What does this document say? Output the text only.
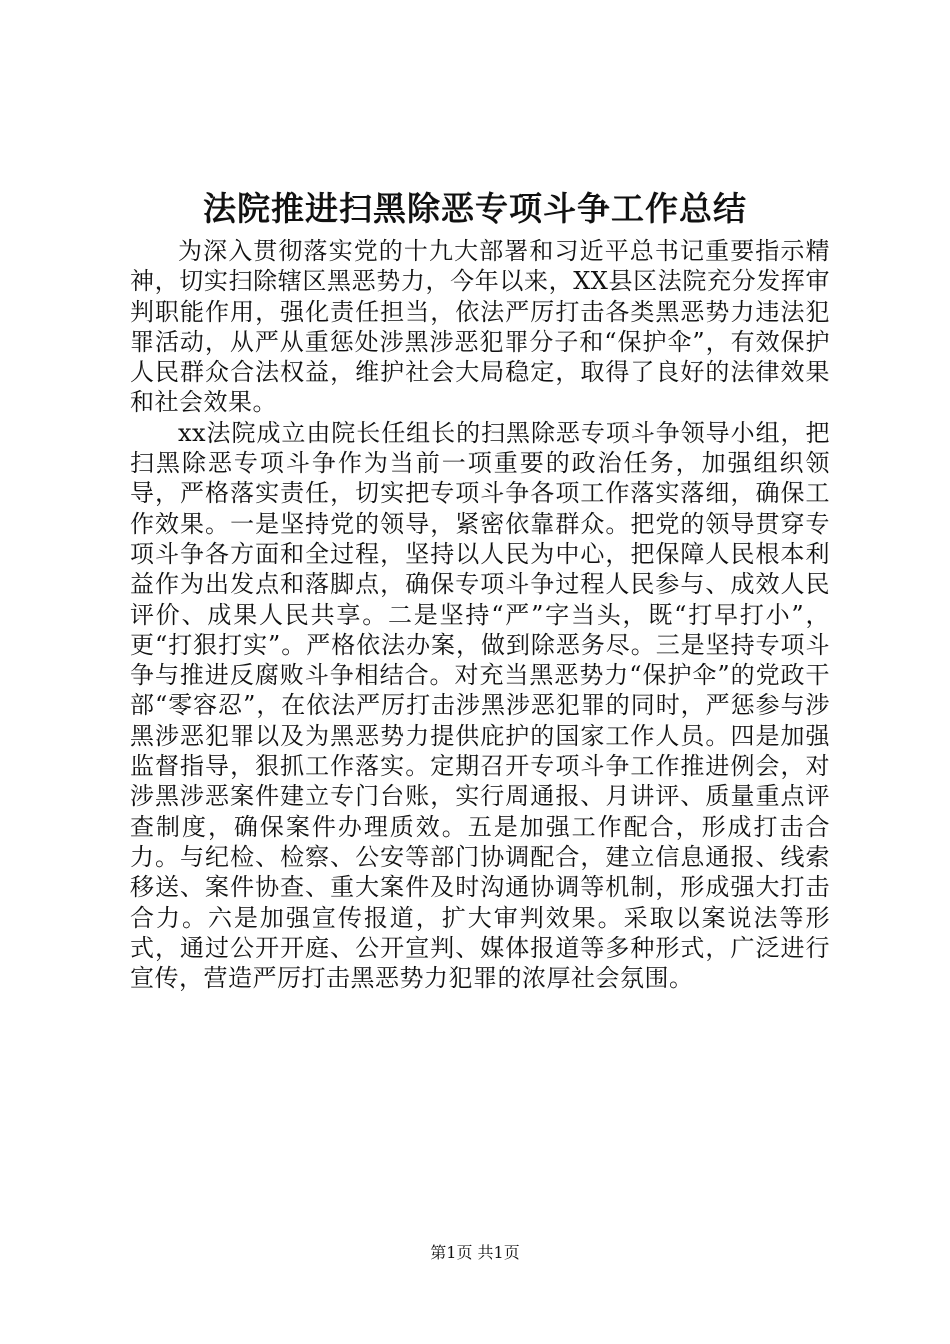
法院推进扫黑除恶专项斗争工作总结

为深入贯彻落实党的十九大部署和习近平总书记重要指示精神，切实扫除辖区黑恶势力，今年以来，XX县区法院充分发挥审判职能作用，强化责任担当，依法严厉打击各类黑恶势力违法犯罪活动，从严从重惩处涉黑涉恶犯罪分子和“保护伞”，有效保护人民群众合法权益，维护社会大局稳定，取得了良好的法律效果和社会效果。

xx法院成立由院长任组长的扫黑除恶专项斗争领导小组，把扫黑除恶专项斗争作为当前一项重要的政治任务，加强组织领导，严格落实责任，切实把专项斗争各项工作落实落细，确保工作效果。一是坚持党的领导，紧密依靠群众。把党的领导贯穿专项斗争各方面和全过程，坚持以人民为中心，把保障人民根本利益作为出发点和落脚点，确保专项斗争过程人民参与、成效人民评价、成果人民共享。二是坚持“严”字当头，既“打早打小”，更“打狠打实”。严格依法办案，做到除恶务尽。三是坚持专项斗争与推进反腐败斗争相结合。对充当黑恶势力“保护伞”的党政干部“零容忍”，在依法严厉打击涉黑涉恶犯罪的同时，严惩参与涉黑涉恶犯罪以及为黑恶势力提供庇护的国家工作人员。四是加强监督指导，狠抓工作落实。定期召开专项斗争工作推进例会，对涉黑涉恶案件建立专门台账，实行周通报、月讲评、质量重点评查制度，确保案件办理质效。五是加强工作配合，形成打击合力。与纪检、检察、公安等部门协调配合，建立信息通报、线索移送、案件协查、重大案件及时沟通协调等机制，形成强大打击合力。六是加强宣传报道，扩大审判效果。采取以案说法等形式，通过公开开庭、公开宣判、媒体报道等多种形式，广泛进行宣传，营造严厉打击黑恶势力犯罪的浓厚社会氛围。

第1页 共1页
